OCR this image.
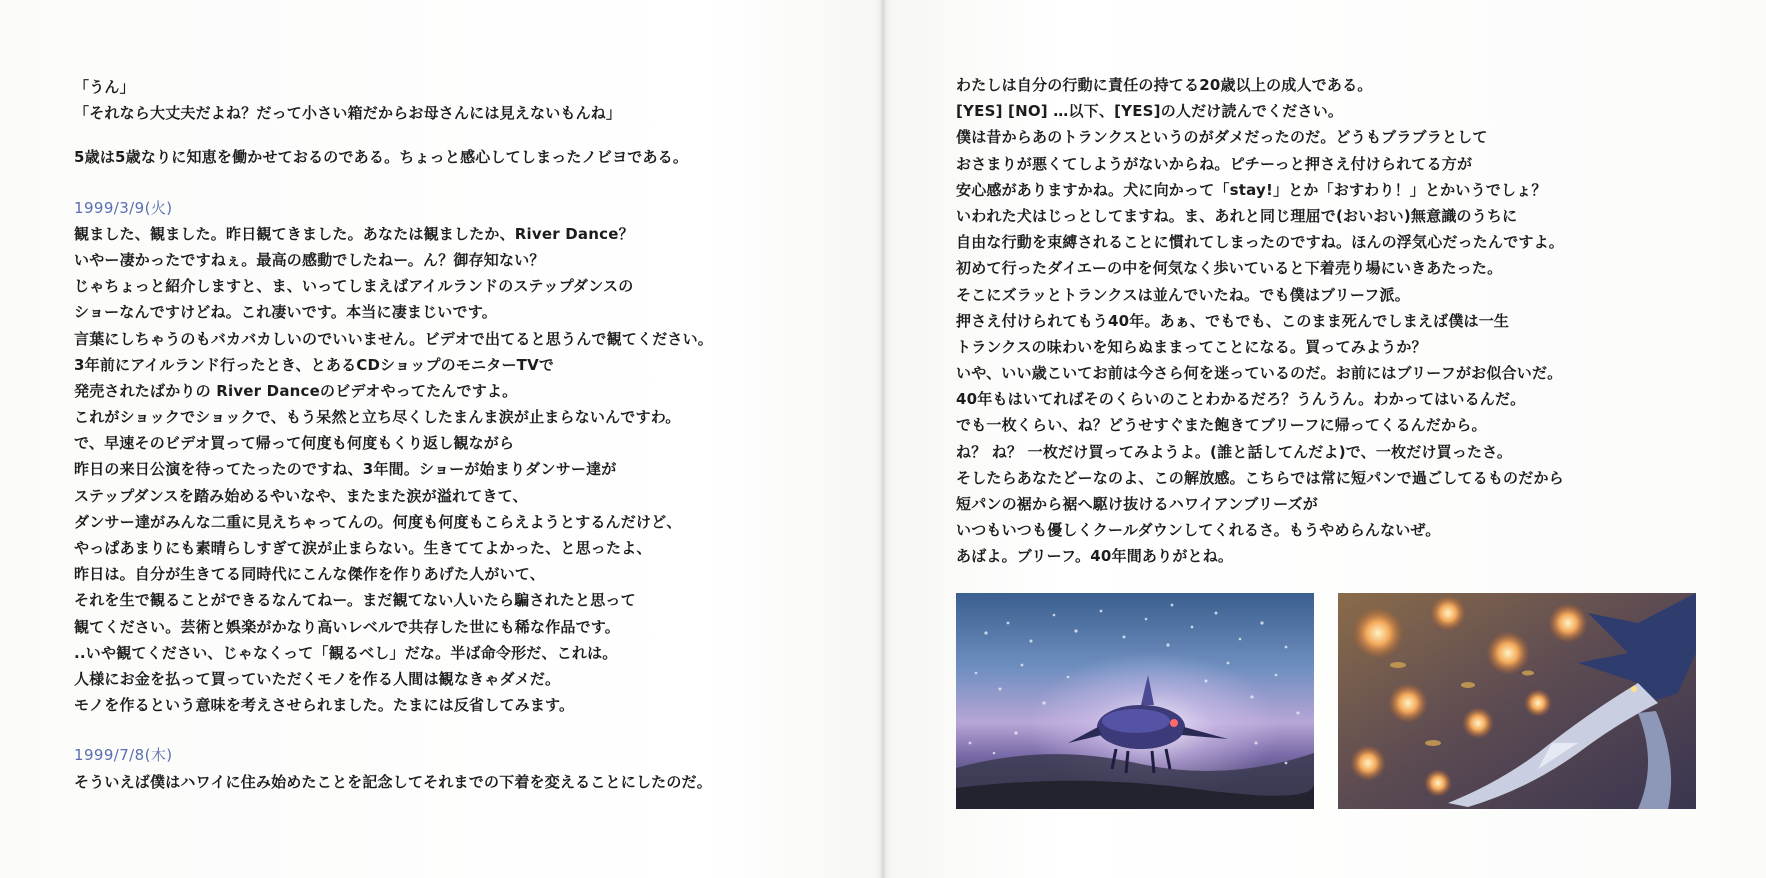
「うん」
「それなら大丈夫だよね？だって小さい箱だからお母さんには見えないもんね」
5歳は5歳なりに知恵を働かせておるのである。ちょっと感心してしまったノビヨである。
1999/3/9(火)
観ました、観ました。昨日観てきました。あなたは観ましたか、River Dance？
いやー凄かったですねぇ。最高の感動でしたねー。ん？御存知ない？
じゃちょっと紹介しますと、ま、いってしまえばアイルランドのステップダンスの
ショーなんですけどね。これ凄いです。本当に凄まじいです。
言葉にしちゃうのもバカバカしいのでいいません。ビデオで出てると思うんで観てください。
3年前にアイルランド行ったとき、とあるCDショップのモニターTVで
発売されたばかりの River Danceのビデオやってたんですよ。
これがショックでショックで、もう呆然と立ち尽くしたまんま涙が止まらないんですわ。
で、早速そのビデオ買って帰って何度も何度もくり返し観ながら
昨日の来日公演を待ってたったのですね、3年間。ショーが始まりダンサー達が
ステップダンスを踏み始めるやいなや、またまた涙が溢れてきて、
ダンサー達がみんな二重に見えちゃってんの。何度も何度もこらえようとするんだけど、
やっぱあまりにも素晴らしすぎて涙が止まらない。生きててよかった、と思ったよ、
昨日は。自分が生きてる同時代にこんな傑作を作りあげた人がいて、
それを生で観ることができるなんてねー。まだ観てない人いたら騙されたと思って
観てください。芸術と娯楽がかなり高いレベルで共存した世にも稀な作品です。
..いや観てください、じゃなくって「観るべし」だな。半ば命令形だ、これは。
人様にお金を払って買っていただくモノを作る人間は観なきゃダメだ。
モノを作るという意味を考えさせられました。たまには反省してみます。
1999/7/8(木)
そういえば僕はハワイに住み始めたことを記念してそれまでの下着を変えることにしたのだ。
わたしは自分の行動に責任の持てる20歳以上の成人である。
[YES] [NO] …以下、[YES]の人だけ読んでください。
僕は昔からあのトランクスというのがダメだったのだ。どうもブラブラとして
おさまりが悪くてしようがないからね。ピチーっと押さえ付けられてる方が
安心感がありますかね。犬に向かって「stay!」とか「おすわり！」とかいうでしょ？
いわれた犬はじっとしてますね。ま、あれと同じ理屈で(おいおい)無意識のうちに
自由な行動を束縛されることに慣れてしまったのですね。ほんの浮気心だったんですよ。
初めて行ったダイエーの中を何気なく歩いていると下着売り場にいきあたった。
そこにズラッとトランクスは並んでいたね。でも僕はブリーフ派。
押さえ付けられてもう40年。あぁ、でもでも、このまま死んでしまえば僕は一生
トランクスの味わいを知らぬままってことになる。買ってみようか？
いや、いい歳こいてお前は今さら何を迷っているのだ。お前にはブリーフがお似合いだ。
40年もはいてればそのくらいのことわかるだろ？うんうん。わかってはいるんだ。
でも一枚くらい、ね？どうせすぐまた飽きてブリーフに帰ってくるんだから。
ね？ ね？ 一枚だけ買ってみようよ。(誰と話してんだよ)で、一枚だけ買ったさ。
そしたらあなたどーなのよ、この解放感。こちらでは常に短パンで過ごしてるものだから
短パンの裾から裾へ駆け抜けるハワイアンブリーズが
いつもいつも優しくクールダウンしてくれるさ。もうやめらんないぜ。
あばよ。ブリーフ。40年間ありがとね。
